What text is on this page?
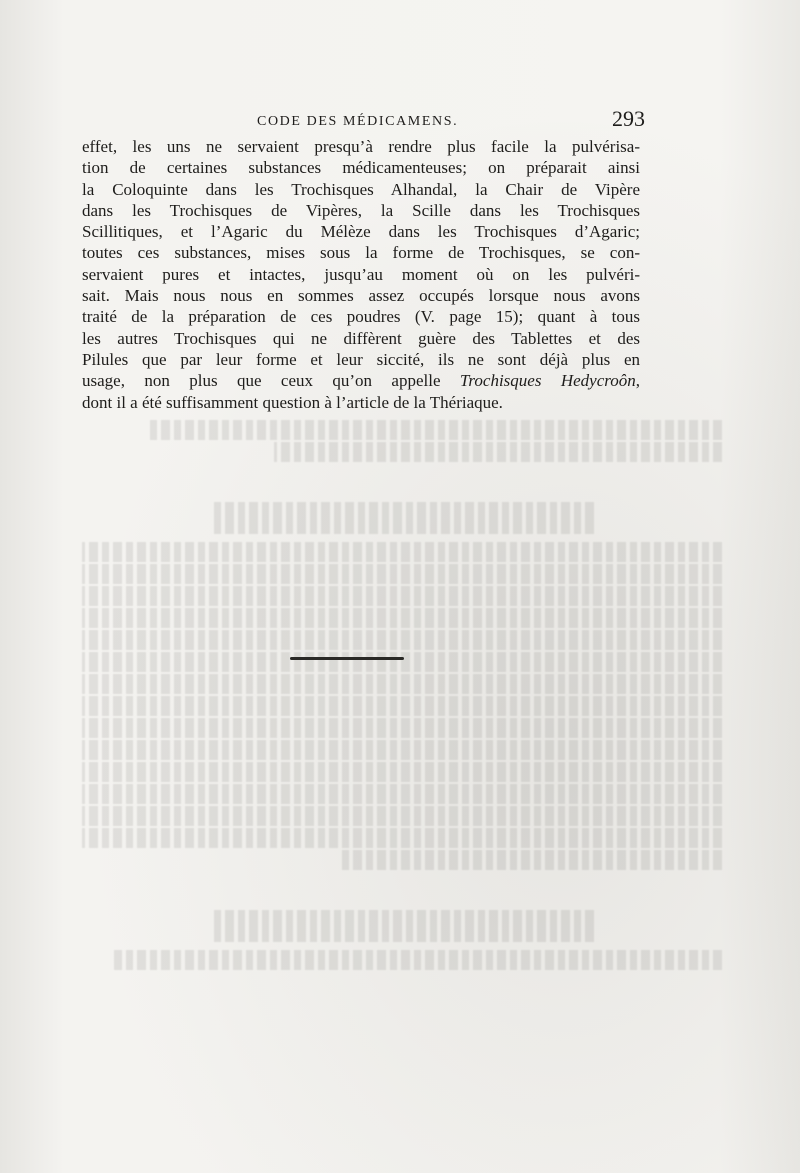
CODE DES MÉDICAMENS.	293
effet, les uns ne servaient presqu’à rendre plus facile la pulvérisa-
tion de certaines substances médicamenteuses; on préparait ainsi
la Coloquinte dans les Trochisques Alhandal, la Chair de Vipère
dans les Trochisques de Vipères, la Scille dans les Trochisques
Scillitiques, et l’Agaric du Mélèze dans les Trochisques d’Agaric;
toutes ces substances, mises sous la forme de Trochisques, se con-
servaient pures et intactes, jusqu’au moment où on les pulvéri-
sait. Mais nous nous en sommes assez occupés lorsque nous avons
traité de la préparation de ces poudres (V. page 15); quant à tous
les autres Trochisques qui ne diffèrent guère des Tablettes et des
Pilules que par leur forme et leur siccité, ils ne sont déjà plus en
usage, non plus que ceux qu’on appelle Trochisques Hedycroôn,
dont il a été suffisamment question à l’article de la Thériaque.
